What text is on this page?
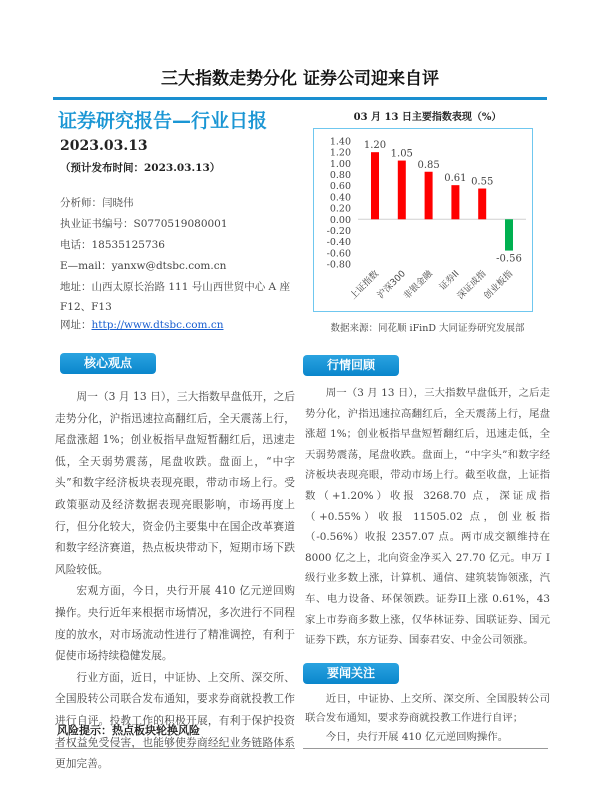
三大指数走势分化 证券公司迎来自评
证券研究报告—行业日报
2023.03.13
（预计发布时间：2023.03.13）
分析师：闫晓伟
执业证书编号：S0770519080001
电话：18535125736
E—mail：yanxw@dtsbc.com.cn
地址：山西太原长治路 111 号山西世贸中心 A 座
F12、F13
网址：http://www.dtsbc.com.cn
03 月 13 日主要指数表现（%）
1.40
1.20
1.00
0.80
0.60
0.40
0.20
0.00
-0.20
-0.40
-0.60
-0.80
1.20
上证指数
1.05
沪深300
0.85
非银金融
0.61
证券II
0.55
深证成指
-0.56
创业板指
数据来源：同花顺 iFinD 大同证券研究发展部
核心观点

周一（3 月 13 日），三大指数早盘低开，之后走势分化，沪指迅速拉高翻红后，全天震荡上行，尾盘涨超 1%；创业板指早盘短暂翻红后，迅速走低，全天弱势震荡，尾盘收跌。盘面上，“中字头”和数字经济板块表现亮眼，带动市场上行。受政策驱动及经济数据表现亮眼影响，市场再度上行，但分化较大，资金仍主要集中在国企改革赛道和数字经济赛道，热点板块带动下，短期市场下跌风险较低。

宏观方面，今日，央行开展 410 亿元逆回购操作。央行近年来根据市场情况，多次进行不同程度的放水，对市场流动性进行了精准调控，有利于促使市场持续稳健发展。

行业方面，近日，中证协、上交所、深交所、全国股转公司联合发布通知，要求券商就投教工作进行自评。投教工作的积极开展，有利于保护投资者权益免受侵害，也能够使券商经纪业务链路体系更加完善。

风险提示：热点板块轮换风险
行情回顾

周一（3 月 13 日），三大指数早盘低开，之后走势分化，沪指迅速拉高翻红后，全天震荡上行，尾盘涨超 1%；创业板指早盘短暂翻红后，迅速走低，全天弱势震荡，尾盘收跌。盘面上，“中字头”和数字经济板块表现亮眼，带动市场上行。截至收盘，上证指数（+1.20%）收报 3268.70 点，深证成指（+0.55%）收报 11505.02 点，创业板指（-0.56%）收报 2357.07 点。两市成交额维持在 8000 亿之上，北向资金净买入 27.70 亿元。申万 I 级行业多数上涨，计算机、通信、建筑装饰领涨，汽车、电力设备、环保领跌。证券II上涨 0.61%，43 家上市券商多数上涨，仅华林证券、国联证券、国元证券下跌，东方证券、国泰君安、中金公司领涨。

要闻关注

近日，中证协、上交所、深交所、全国股转公司联合发布通知，要求券商就投教工作进行自评；

今日，央行开展 410 亿元逆回购操作。
